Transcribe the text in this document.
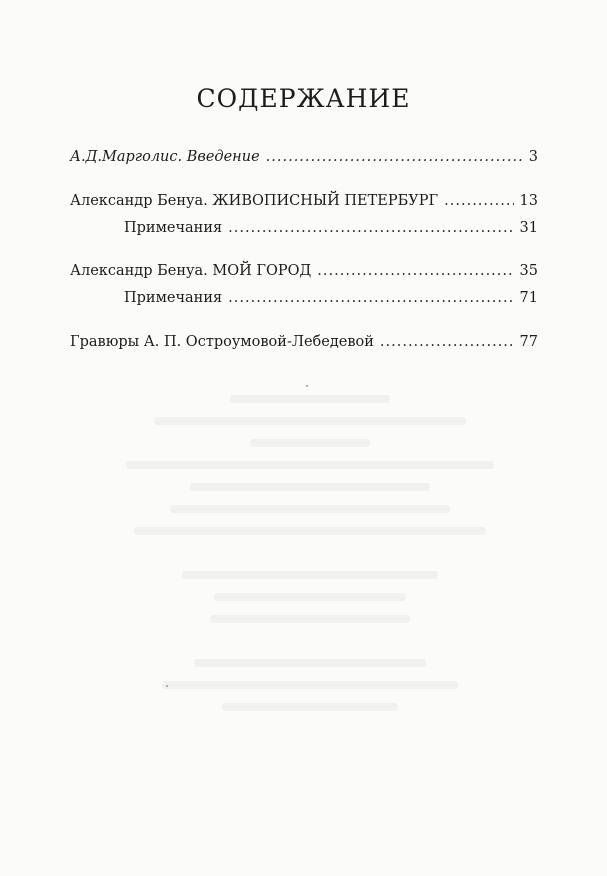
СОДЕРЖАНИЕ
А.Д.Марголис. Введение .....	3
Александр Бенуа. ЖИВОПИСНЫЙ ПЕТЕРБУРГ .....	13
Примечания .....	31
Александр Бенуа. МОЙ ГОРОД .....	35
Примечания .....	71
Гравюры А. П. Остроумовой-Лебедевой .....	77
